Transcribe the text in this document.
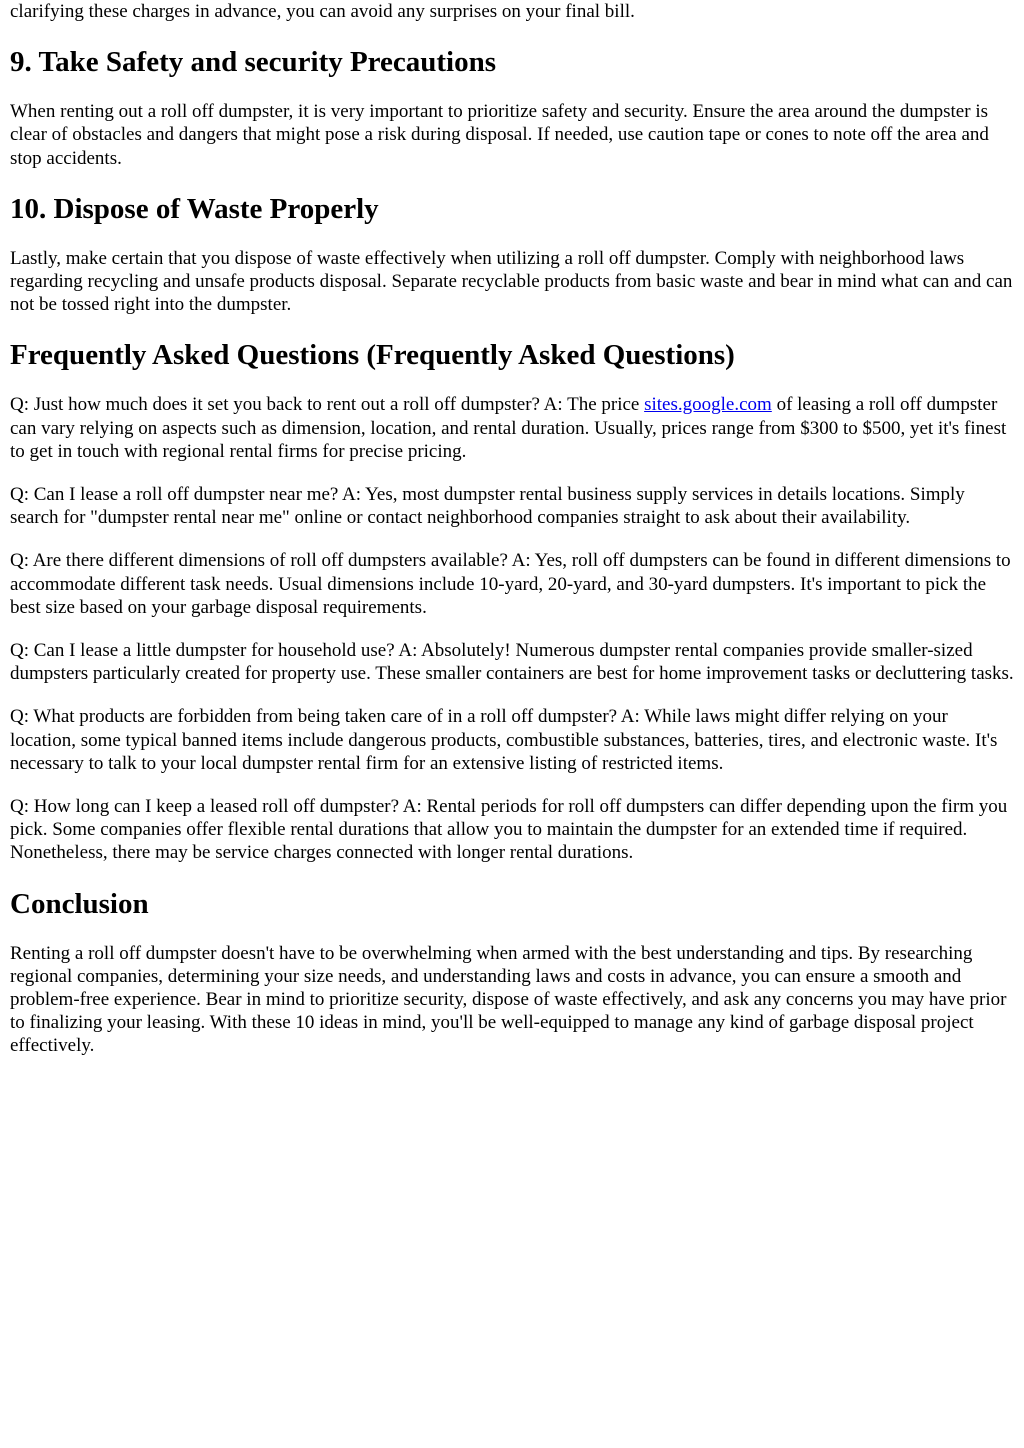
clarifying these charges in advance, you can avoid any surprises on your final bill.

9. Take Safety and security Precautions

When renting out a roll off dumpster, it is very important to prioritize safety and security. Ensure the area around the dumpster is clear of obstacles and dangers that might pose a risk during disposal. If needed, use caution tape or cones to note off the area and stop accidents.

10. Dispose of Waste Properly

Lastly, make certain that you dispose of waste effectively when utilizing a roll off dumpster. Comply with neighborhood laws regarding recycling and unsafe products disposal. Separate recyclable products from basic waste and bear in mind what can and can not be tossed right into the dumpster.

Frequently Asked Questions (Frequently Asked Questions)

Q: Just how much does it set you back to rent out a roll off dumpster? A: The price sites.google.com of leasing a roll off dumpster can vary relying on aspects such as dimension, location, and rental duration. Usually, prices range from $300 to $500, yet it's finest to get in touch with regional rental firms for precise pricing.

Q: Can I lease a roll off dumpster near me? A: Yes, most dumpster rental business supply services in details locations. Simply search for "dumpster rental near me" online or contact neighborhood companies straight to ask about their availability.

Q: Are there different dimensions of roll off dumpsters available? A: Yes, roll off dumpsters can be found in different dimensions to accommodate different task needs. Usual dimensions include 10-yard, 20-yard, and 30-yard dumpsters. It's important to pick the best size based on your garbage disposal requirements.

Q: Can I lease a little dumpster for household use? A: Absolutely! Numerous dumpster rental companies provide smaller-sized dumpsters particularly created for property use. These smaller containers are best for home improvement tasks or decluttering tasks.

Q: What products are forbidden from being taken care of in a roll off dumpster? A: While laws might differ relying on your location, some typical banned items include dangerous products, combustible substances, batteries, tires, and electronic waste. It's necessary to talk to your local dumpster rental firm for an extensive listing of restricted items.

Q: How long can I keep a leased roll off dumpster? A: Rental periods for roll off dumpsters can differ depending upon the firm you pick. Some companies offer flexible rental durations that allow you to maintain the dumpster for an extended time if required. Nonetheless, there may be service charges connected with longer rental durations.

Conclusion

Renting a roll off dumpster doesn't have to be overwhelming when armed with the best understanding and tips. By researching regional companies, determining your size needs, and understanding laws and costs in advance, you can ensure a smooth and problem-free experience. Bear in mind to prioritize security, dispose of waste effectively, and ask any concerns you may have prior to finalizing your leasing. With these 10 ideas in mind, you'll be well-equipped to manage any kind of garbage disposal project effectively.
